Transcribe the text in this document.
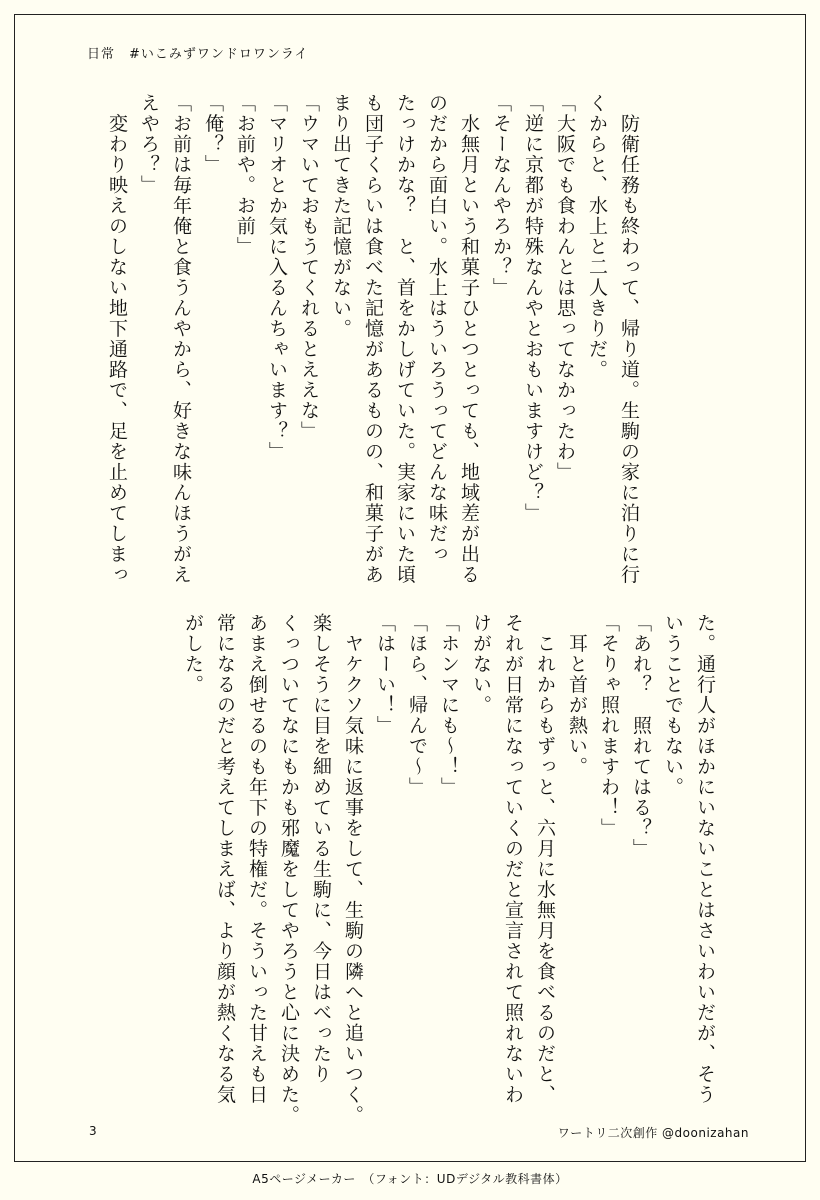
日常　#いこみずワンドロワンライ
　防衛任務も終わって、帰り道。生駒の家に泊りに行
くからと、水上と二人きりだ。
「大阪でも食わんとは思ってなかったわ」
「逆に京都が特殊なんやとおもいますけど？」
「そーなんやろか？」
　水無月という和菓子ひとつとっても、地域差が出る
のだから面白い。水上はういろうってどんな味だっ
たっけかな？　と、首をかしげていた。実家にいた頃
も団子くらいは食べた記憶があるものの、和菓子があ
まり出てきた記憶がない。
「ウマいておもうてくれるとええな」
「マリオとか気に入るんちゃいます？」
「お前や。お前」
「俺？」
「お前は毎年俺と食うんやから、好きな味んほうがえ
えやろ？」
　変わり映えのしない地下通路で、足を止めてしまっ
た。通行人がほかにいないことはさいわいだが、そう
いうことでもない。
「あれ？　照れてはる？」
「そりゃ照れますわ！」
　耳と首が熱い。
　これからもずっと、六月に水無月を食べるのだと、
それが日常になっていくのだと宣言されて照れないわ
けがない。
「ホンマにも～！」
「ほら、帰んで～」
「はーい！」
　ヤケクソ気味に返事をして、生駒の隣へと追いつく。
楽しそうに目を細めている生駒に、今日はべったり
くっついてなにもかも邪魔をしてやろうと心に決めた。
あまえ倒せるのも年下の特権だ。そういった甘えも日
常になるのだと考えてしまえば、より顔が熱くなる気
がした。
3	ワートリ二次創作 @doonizahan
A5ページメーカー　（フォント：UDデジタル教科書体）
